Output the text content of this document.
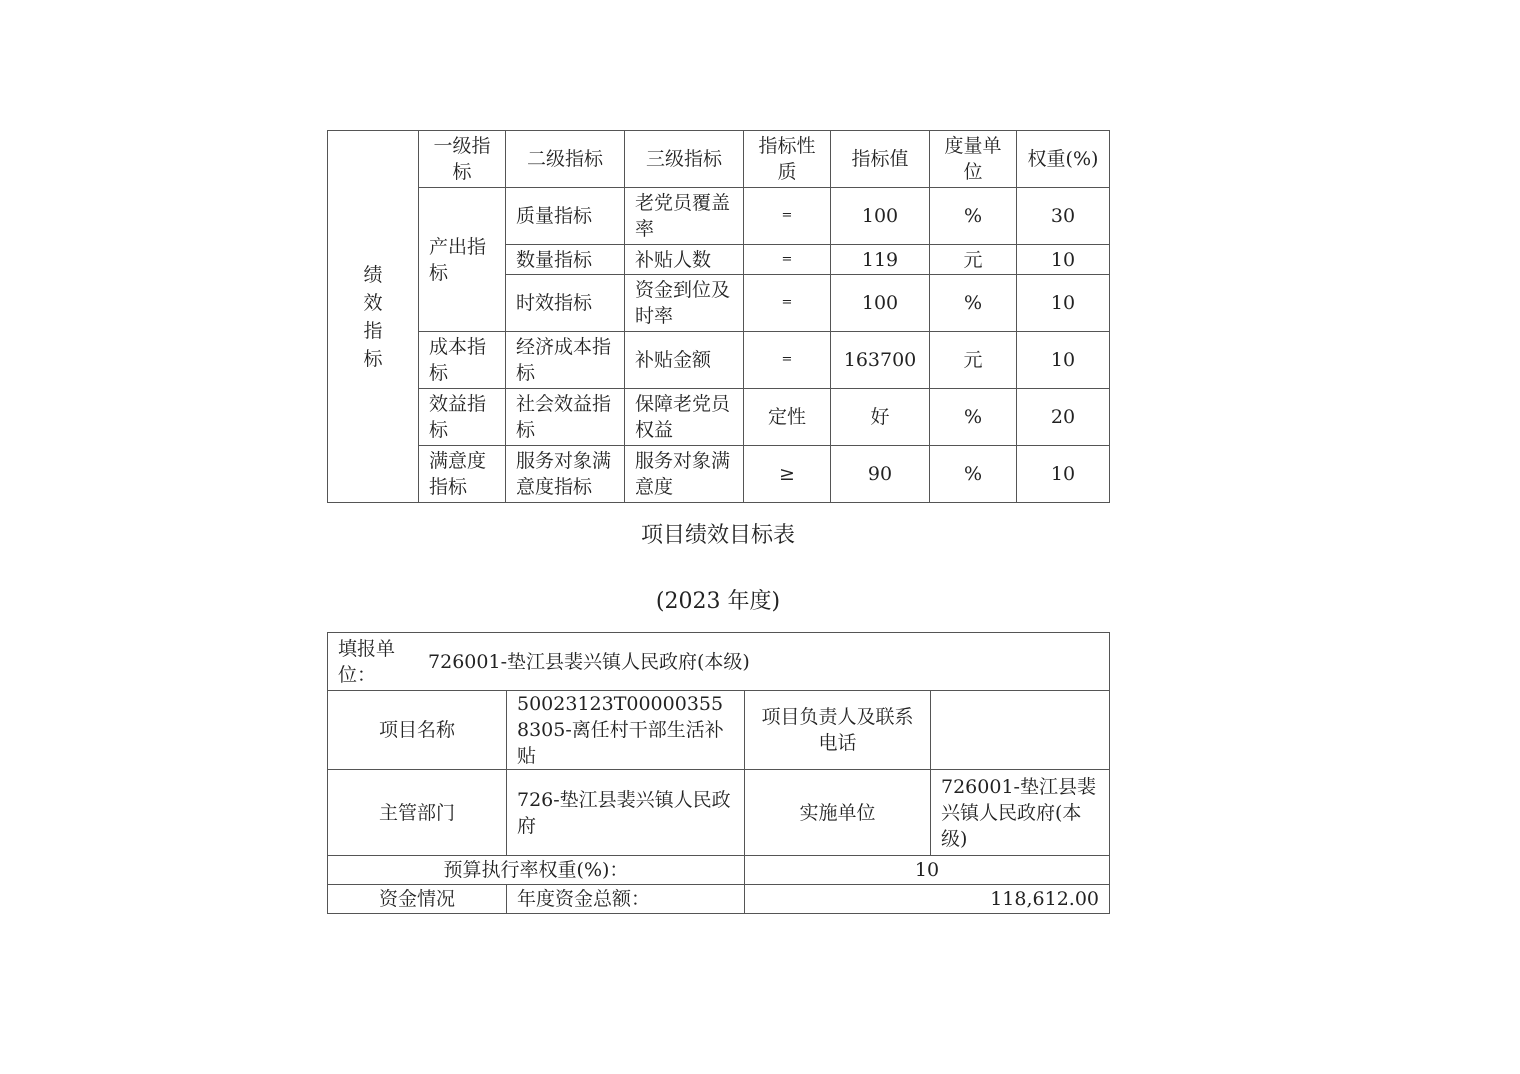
绩
效
指
标	一级指标	二级指标	三级指标	指标性质	指标值	度量单位	权重(%)
	产出指标	质量指标	老党员覆盖率	=	100	%	30
		数量指标	补贴人数	=	119	元	10
		时效指标	资金到位及时率	=	100	%	10
	成本指标	经济成本指标	补贴金额	=	163700	元	10
	效益指标	社会效益指标	保障老党员权益	定性	好	%	20
	满意度指标	服务对象满意度指标	服务对象满意度	≥	90	%	10
项目绩效目标表
(2023 年度)
填报单位： 726001-垫江县裴兴镇人民政府(本级)			
项目名称	50023123T000003558305-离任村干部生活补贴	项目负责人及联系电话	
主管部门	726-垫江县裴兴镇人民政府	实施单位	726001-垫江县裴兴镇人民政府(本级)
预算执行率权重(%)：		10	
资金情况	年度资金总额：	118,612.00	
